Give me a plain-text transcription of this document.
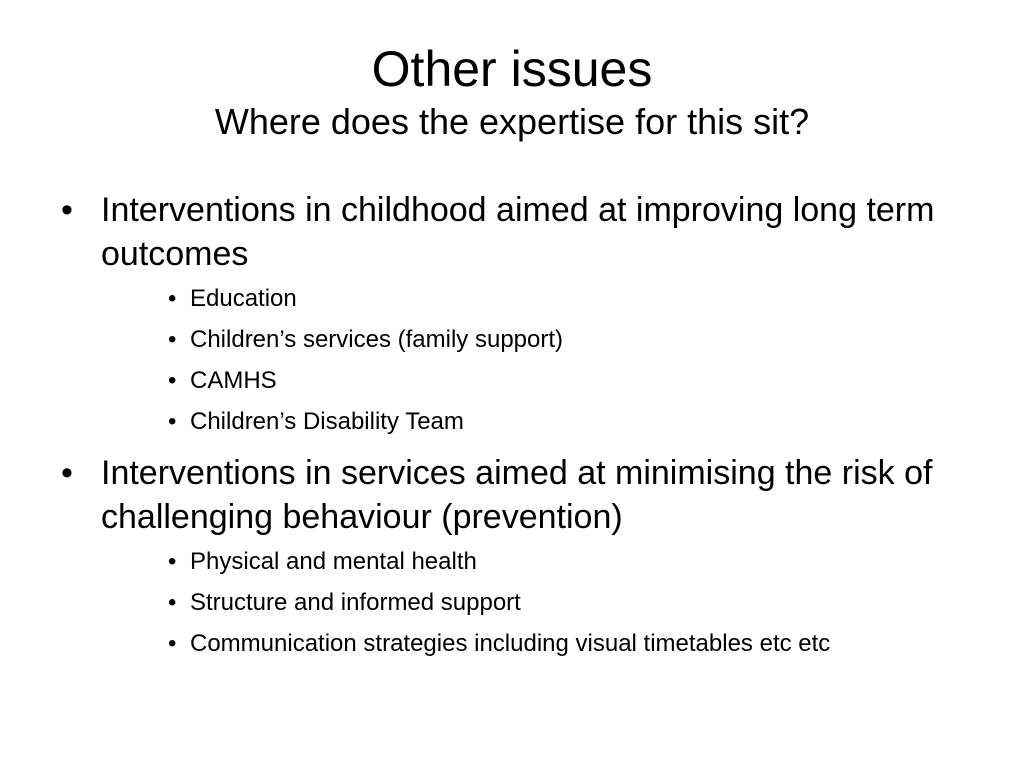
Other issues
Where does the expertise for this sit?

• Interventions in childhood aimed at improving long term outcomes

• Education

• Children’s services (family support)

• CAMHS

• Children’s Disability Team

• Interventions in services aimed at minimising the risk of challenging behaviour (prevention)

• Physical and mental health

• Structure and informed support

• Communication strategies including visual timetables etc etc
